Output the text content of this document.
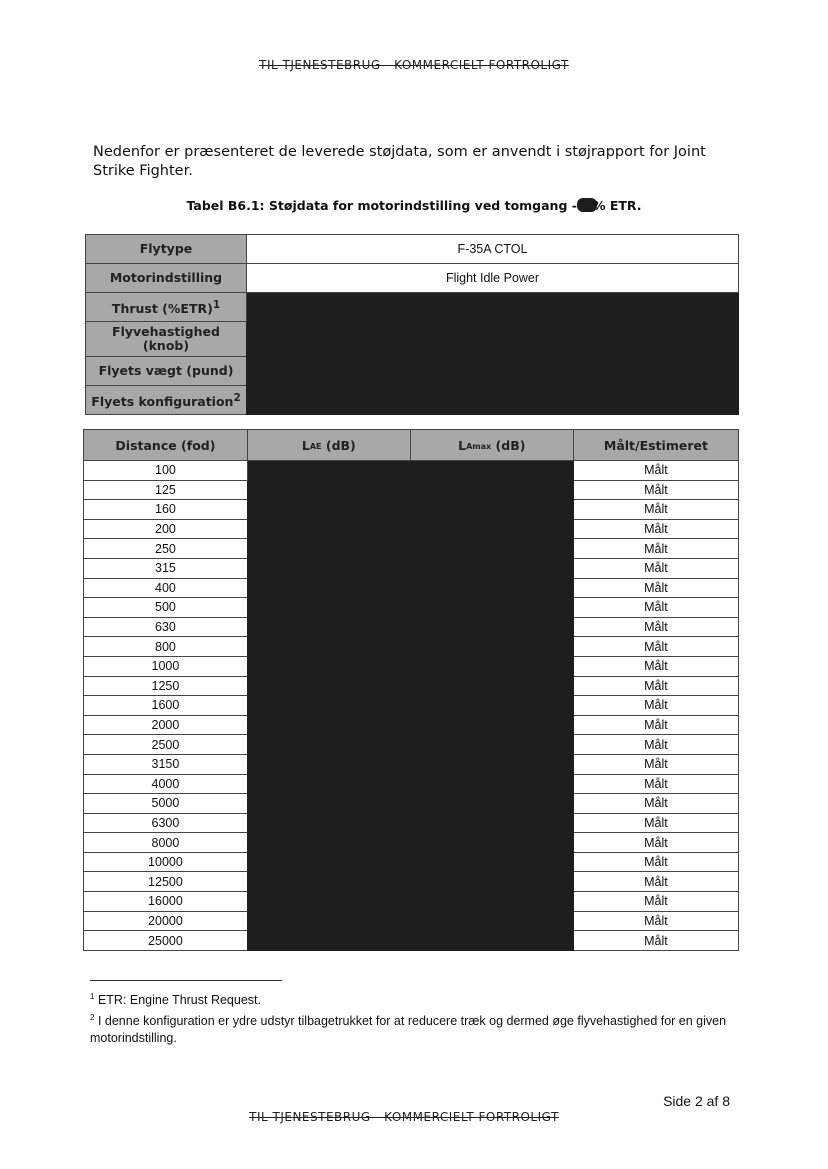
TIL TJENESTEBRUG - KOMMERCIELT FORTROLIGT
Nedenfor er præsenteret de leverede støjdata, som er anvendt i støjrapport for Joint Strike Fighter.
Tabel B6.1: Støjdata for motorindstilling ved tomgang - % ETR.
Flytype	F-35A CTOL
Motorindstilling	Flight Idle Power
Thrust $(\%ETR)^1$	
Flyvehastighed (knob)	
Flyets vægt (pund)	
Flyets konfiguration$^2$
Distance (fod)	$L_{AE}$ (dB)	$L_{Amax}$ (dB)	Målt/Estimeret
100			Målt
125			Målt
160			Målt
200			Målt
250			Målt
315			Målt
400			Målt
500			Målt
630			Målt
800			Målt
1000			Målt
1250			Målt
1600			Målt
2000			Målt
2500			Målt
3150			Målt
4000			Målt
5000			Målt
6300			Målt
8000			Målt
10000			Målt
12500			Målt
16000			Målt
20000			Målt
25000			Målt
$^1$ ETR: Engine Thrust Request.
$^2$ I denne konfiguration er ydre udstyr tilbagetrukket for at reducere træk og dermed øge flyvehastighed for en given motorindstilling.
Side 2 af 8
TIL TJENESTEBRUG - KOMMERCIELT FORTROLIGT
